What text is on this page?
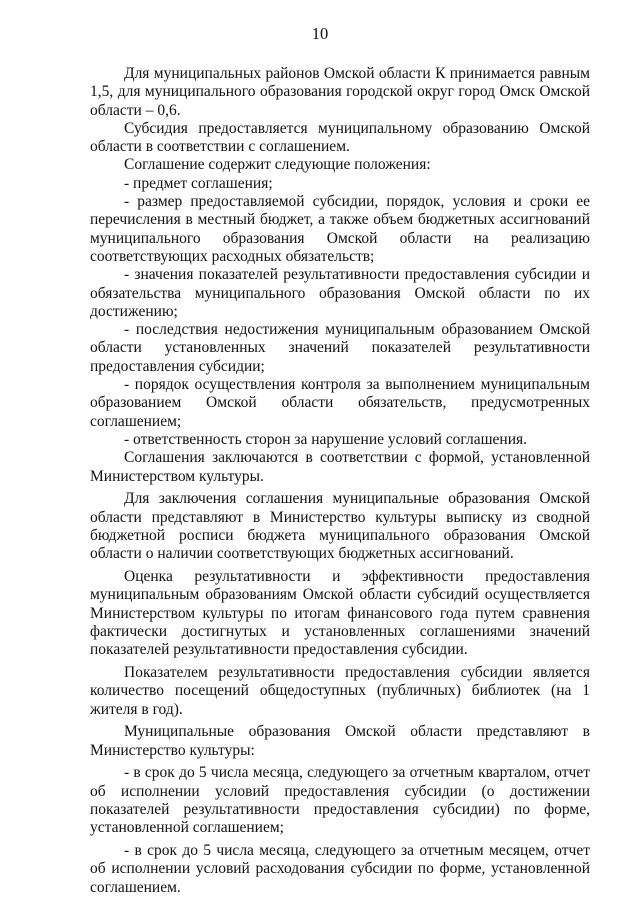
10

Для муниципальных районов Омской области К принимается равным 1,5, для муниципального образования городской округ город Омск Омской области – 0,6.

Субсидия предоставляется муниципальному образованию Омской области в соответствии с соглашением.

Соглашение содержит следующие положения:

- предмет соглашения;

- размер предоставляемой субсидии, порядок, условия и сроки ее перечисления в местный бюджет, а также объем бюджетных ассигнований муниципального образования Омской области на реализацию соответствующих расходных обязательств;

- значения показателей результативности предоставления субсидии и обязательства муниципального образования Омской области по их достижению;

- последствия недостижения муниципальным образованием Омской области установленных значений показателей результативности предоставления субсидии;

- порядок осуществления контроля за выполнением муниципальным образованием Омской области обязательств, предусмотренных соглашением;

- ответственность сторон за нарушение условий соглашения.

Соглашения заключаются в соответствии с формой, установленной Министерством культуры.

Для заключения соглашения муниципальные образования Омской области представляют в Министерство культуры выписку из сводной бюджетной росписи бюджета муниципального образования Омской области о наличии соответствующих бюджетных ассигнований.

Оценка результативности и эффективности предоставления муниципальным образованиям Омской области субсидий осуществляется Министерством культуры по итогам финансового года путем сравнения фактически достигнутых и установленных соглашениями значений показателей результативности предоставления субсидии.

Показателем результативности предоставления субсидии является количество посещений общедоступных (публичных) библиотек (на 1 жителя в год).

Муниципальные образования Омской области представляют в Министерство культуры:

- в срок до 5 числа месяца, следующего за отчетным кварталом, отчет об исполнении условий предоставления субсидии (о достижении показателей результативности предоставления субсидии) по форме, установленной соглашением;

- в срок до 5 числа месяца, следующего за отчетным месяцем, отчет об исполнении условий расходования субсидии по форме, установленной соглашением.
